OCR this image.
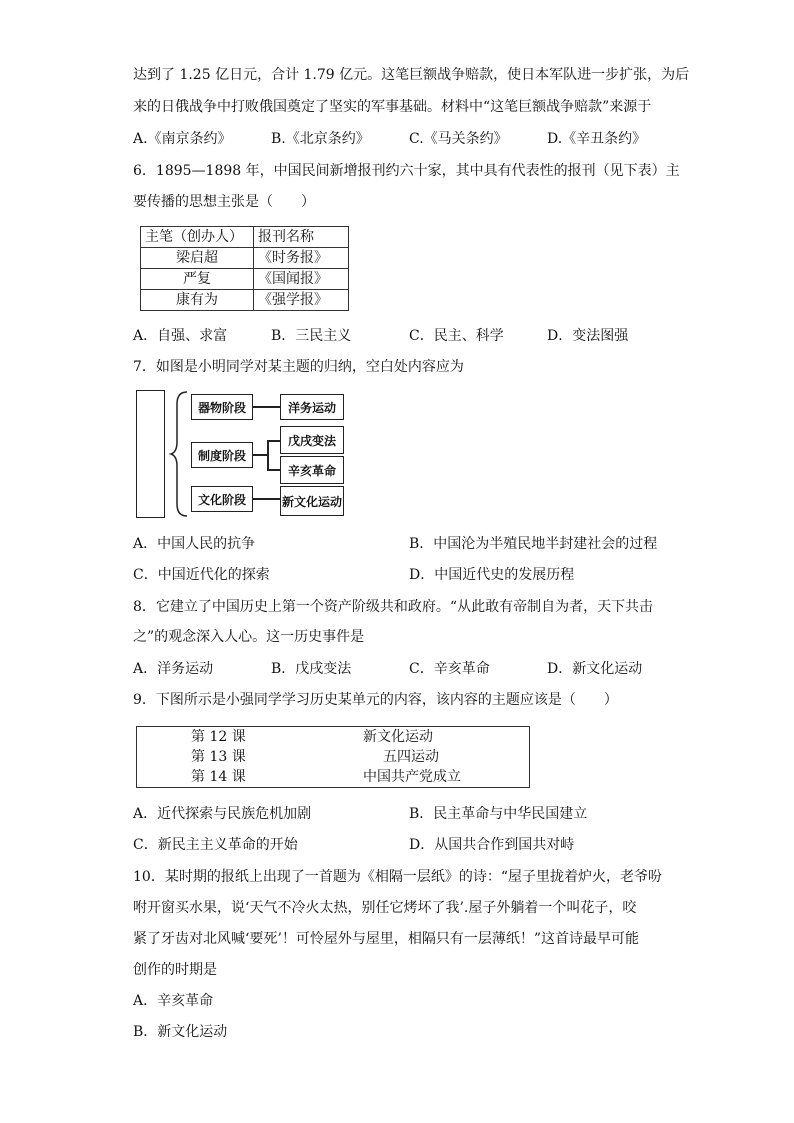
达到了 1.25 亿日元，合计 1.79 亿元。这笔巨额战争赔款，使日本军队进一步扩张，为后
来的日俄战争中打败俄国奠定了坚实的军事基础。材料中“这笔巨额战争赔款”来源于
A.《南京条约》	B.《北京条约》	C.《马关条约》	D.《辛丑条约》
6．1895—1898 年，中国民间新增报刊约六十家，其中具有代表性的报刊（见下表）主
要传播的思想主张是（　　）
主笔（创办人）	报刊名称
梁启超	《时务报》
严复	《国闻报》
康有为	《强学报》
A．自强、求富	B．三民主义	C．民主、科学	D．变法图强
7．如图是小明同学对某主题的归纳，空白处内容应为
器物阶段
制度阶段
文化阶段
洋务运动
戊戌变法
辛亥革命
新文化运动
A．中国人民的抗争	B．中国沦为半殖民地半封建社会的过程
C．中国近代化的探索	D．中国近代史的发展历程
8．它建立了中国历史上第一个资产阶级共和政府。“从此敢有帝制自为者，天下共击
之”的观念深入人心。这一历史事件是
A．洋务运动	B．戊戌变法	C．辛亥革命	D．新文化运动
9．下图所示是小强同学学习历史某单元的内容，该内容的主题应该是（　　）
第 12 课	新文化运动
第 13 课	五四运动
第 14 课	中国共产党成立
A．近代探索与民族危机加剧	B．民主革命与中华民国建立
C．新民主主义革命的开始	D．从国共合作到国共对峙
10．某时期的报纸上出现了一首题为《相隔一层纸》的诗：“屋子里拢着炉火，老爷吩
咐开窗买水果，说‘天气不冷火太热，别任它烤坏了我’.屋子外躺着一个叫花子，咬
紧了牙齿对北风喊‘要死’！可怜屋外与屋里，相隔只有一层薄纸！”这首诗最早可能
创作的时期是
A．辛亥革命
B．新文化运动
